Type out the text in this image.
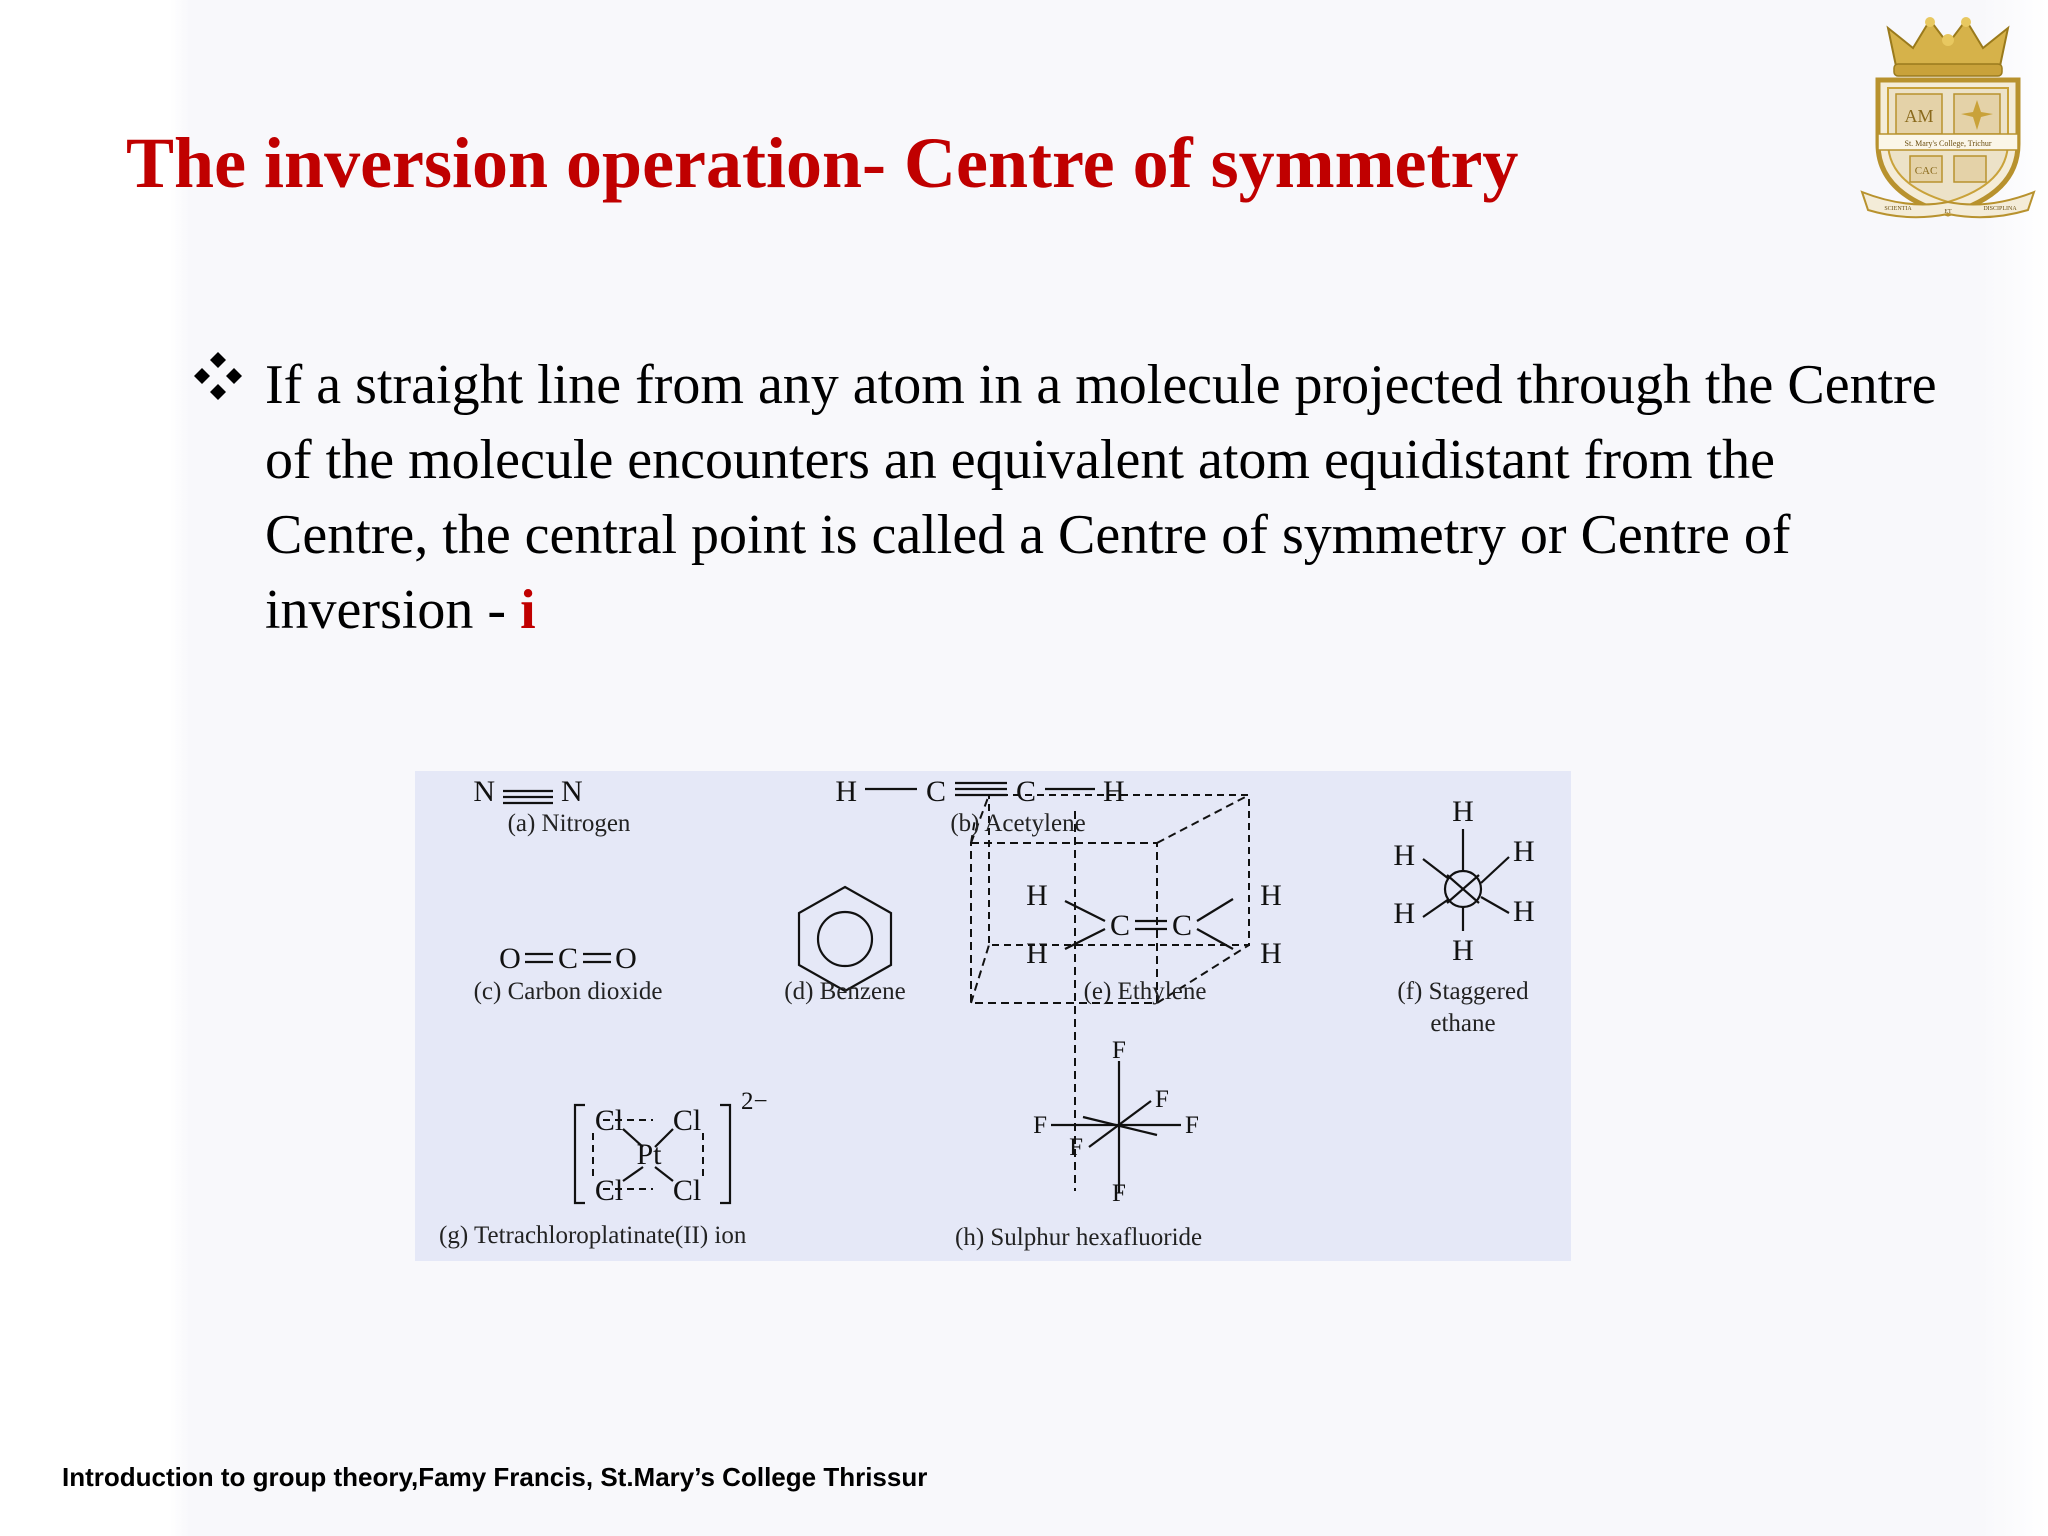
The inversion operation- Centre of symmetry
AM
St. Mary's College, Trichur
CAC
SCIENTIA	ET	DISCIPLINA

If a straight line from any atom in a molecule projected through the Centre of the molecule encounters an equivalent atom equidistant from the Centre, the central point is called a Centre of symmetry or Centre of inversion - i

N N	H C C H
O C O
H
H
C C
H
H
H
H
H
H
H
H
Cl Cl
Pt
Cl Cl
2−
F
F	F
F
F
F
(a) Nitrogen	(b) Acetylene
(c) Carbon dioxide	(d) Benzene	(e) Ethylene	(f) Staggered
ethane
(g) Tetrachloroplatinate(II) ion	(h) Sulphur hexafluoride
Introduction to group theory,Famy Francis, St.Mary’s College Thrissur
